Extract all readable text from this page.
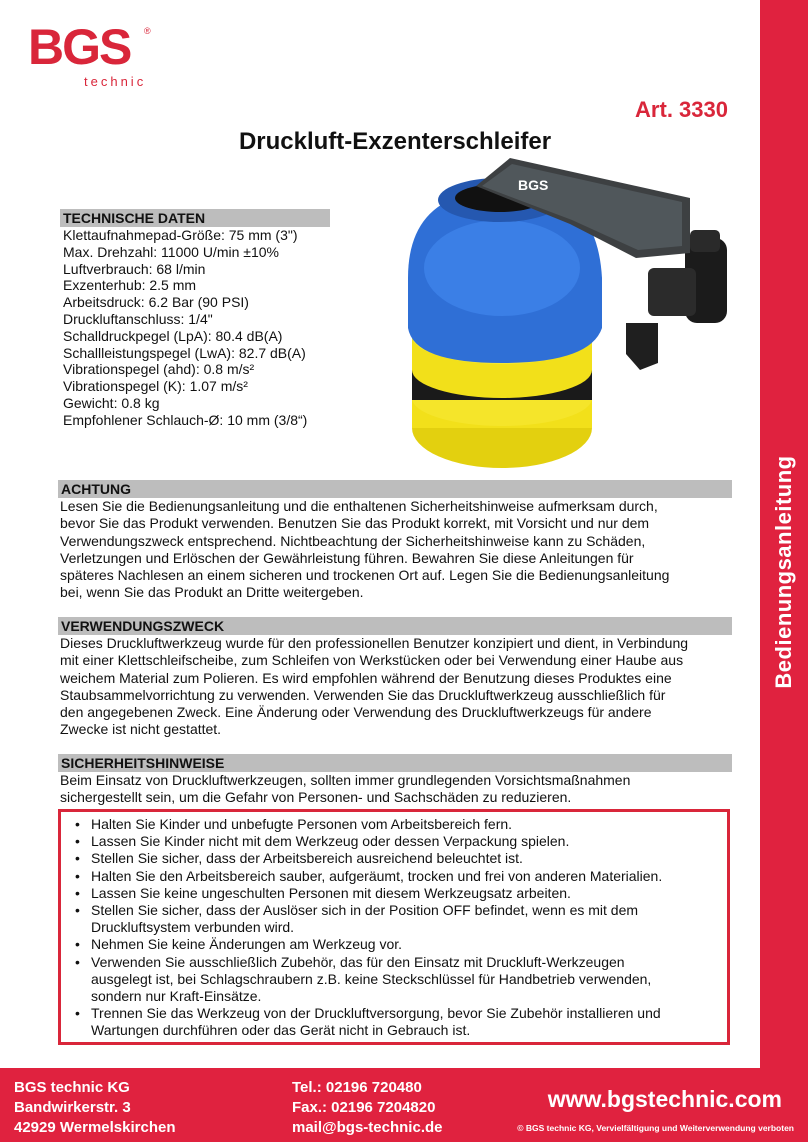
BGS ®
technic
Bedienungsanleitung
Art. 3330
Druckluft-Exzenterschleifer
TECHNISCHE DATEN
Klettaufnahmepad-Größe: 75 mm (3")
Max. Drehzahl: 11000 U/min ±10%
Luftverbrauch: 68 l/min
Exzenterhub: 2.5 mm
Arbeitsdruck: 6.2 Bar (90 PSI)
Druckluftanschluss: 1/4"
Schalldruckpegel (LpA): 80.4 dB(A)
Schallleistungspegel (LwA): 82.7 dB(A)
Vibrationspegel (ahd): 0.8 m/s²
Vibrationspegel (K): 1.07 m/s²
Gewicht: 0.8 kg
Empfohlener Schlauch-Ø: 10 mm (3/8“)
BGS
ACHTUNG
Lesen Sie die Bedienungsanleitung und die enthaltenen Sicherheitshinweise aufmerksam durch,
bevor Sie das Produkt verwenden. Benutzen Sie das Produkt korrekt, mit Vorsicht und nur dem
Verwendungszweck entsprechend. Nichtbeachtung der Sicherheitshinweise kann zu Schäden,
Verletzungen und Erlöschen der Gewährleistung führen. Bewahren Sie diese Anleitungen für
späteres Nachlesen an einem sicheren und trockenen Ort auf. Legen Sie die Bedienungsanleitung
bei, wenn Sie das Produkt an Dritte weitergeben.
VERWENDUNGSZWECK
Dieses Druckluftwerkzeug wurde für den professionellen Benutzer konzipiert und dient, in Verbindung
mit einer Klettschleifscheibe, zum Schleifen von Werkstücken oder bei Verwendung einer Haube aus
weichem Material zum Polieren. Es wird empfohlen während der Benutzung dieses Produktes eine
Staubsammelvorrichtung zu verwenden. Verwenden Sie das Druckluftwerkzeug ausschließlich für
den angegebenen Zweck. Eine Änderung oder Verwendung des Druckluftwerkzeugs für andere
Zwecke ist nicht gestattet.
SICHERHEITSHINWEISE
Beim Einsatz von Druckluftwerkzeugen, sollten immer grundlegenden Vorsichtsmaßnahmen
sichergestellt sein, um die Gefahr von Personen- und Sachschäden zu reduzieren.
• Halten Sie Kinder und unbefugte Personen vom Arbeitsbereich fern.
• Lassen Sie Kinder nicht mit dem Werkzeug oder dessen Verpackung spielen.
• Stellen Sie sicher, dass der Arbeitsbereich ausreichend beleuchtet ist.
• Halten Sie den Arbeitsbereich sauber, aufgeräumt, trocken und frei von anderen Materialien.
• Lassen Sie keine ungeschulten Personen mit diesem Werkzeugsatz arbeiten.
• Stellen Sie sicher, dass der Auslöser sich in der Position OFF befindet, wenn es mit dem
Druckluftsystem verbunden wird.
• Nehmen Sie keine Änderungen am Werkzeug vor.
• Verwenden Sie ausschließlich Zubehör, das für den Einsatz mit Druckluft-Werkzeugen
ausgelegt ist, bei Schlagschraubern z.B. keine Steckschlüssel für Handbetrieb verwenden,
sondern nur Kraft-Einsätze.
• Trennen Sie das Werkzeug von der Druckluftversorgung, bevor Sie Zubehör installieren und
Wartungen durchführen oder das Gerät nicht in Gebrauch ist.
BGS technic KG
Bandwirkerstr. 3
42929 Wermelskirchen
Tel.: 02196 720480
Fax.: 02196 7204820
mail@bgs-technic.de
www.bgstechnic.com
© BGS technic KG, Vervielfältigung und Weiterverwendung verboten
